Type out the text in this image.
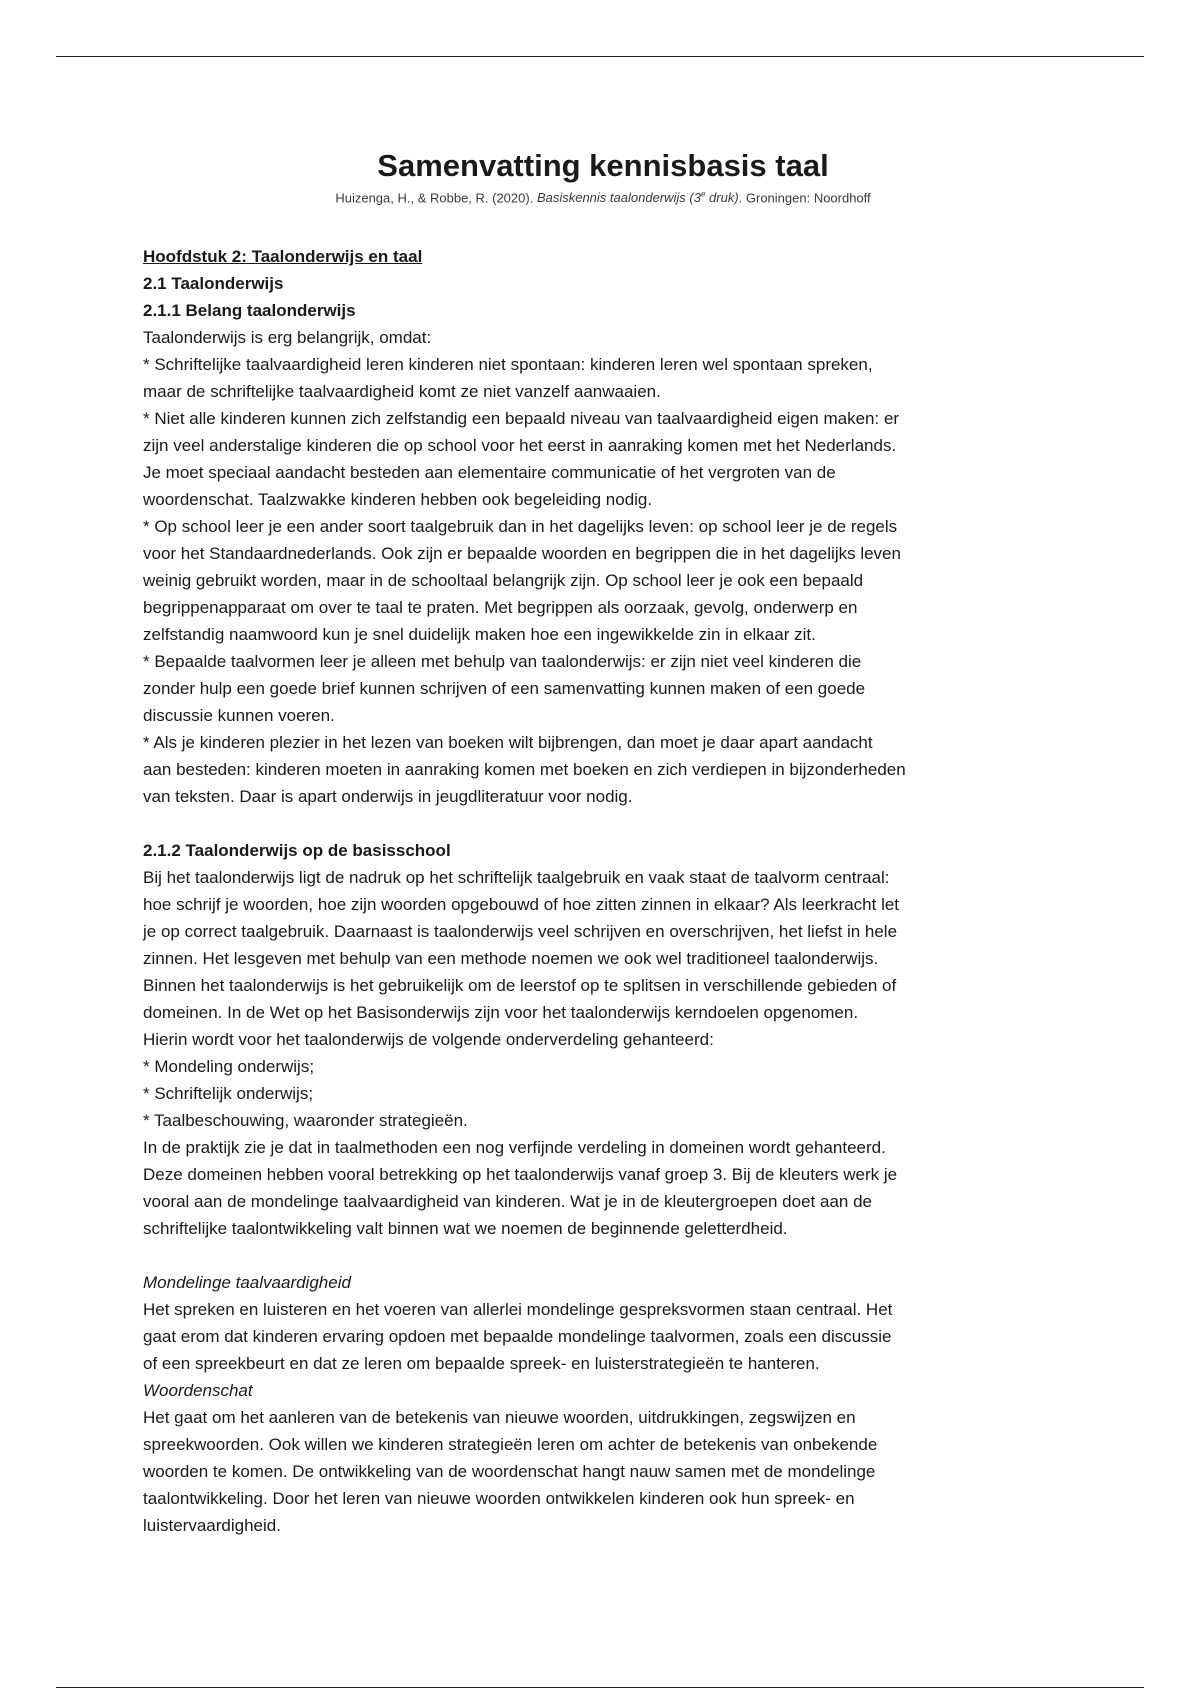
Samenvatting kennisbasis taal

Huizenga, H., & Robbe, R. (2020). Basiskennis taalonderwijs (3e druk). Groningen: Noordhoff

Hoofdstuk 2: Taalonderwijs en taal

2.1 Taalonderwijs

2.1.1 Belang taalonderwijs

Taalonderwijs is erg belangrijk, omdat:

* Schriftelijke taalvaardigheid leren kinderen niet spontaan: kinderen leren wel spontaan spreken,

maar de schriftelijke taalvaardigheid komt ze niet vanzelf aanwaaien.

* Niet alle kinderen kunnen zich zelfstandig een bepaald niveau van taalvaardigheid eigen maken: er

zijn veel anderstalige kinderen die op school voor het eerst in aanraking komen met het Nederlands.

Je moet speciaal aandacht besteden aan elementaire communicatie of het vergroten van de

woordenschat. Taalzwakke kinderen hebben ook begeleiding nodig.

* Op school leer je een ander soort taalgebruik dan in het dagelijks leven: op school leer je de regels

voor het Standaardnederlands. Ook zijn er bepaalde woorden en begrippen die in het dagelijks leven

weinig gebruikt worden, maar in de schooltaal belangrijk zijn. Op school leer je ook een bepaald

begrippenapparaat om over te taal te praten. Met begrippen als oorzaak, gevolg, onderwerp en

zelfstandig naamwoord kun je snel duidelijk maken hoe een ingewikkelde zin in elkaar zit.

* Bepaalde taalvormen leer je alleen met behulp van taalonderwijs: er zijn niet veel kinderen die

zonder hulp een goede brief kunnen schrijven of een samenvatting kunnen maken of een goede

discussie kunnen voeren.

* Als je kinderen plezier in het lezen van boeken wilt bijbrengen, dan moet je daar apart aandacht

aan besteden: kinderen moeten in aanraking komen met boeken en zich verdiepen in bijzonderheden

van teksten. Daar is apart onderwijs in jeugdliteratuur voor nodig.

2.1.2 Taalonderwijs op de basisschool

Bij het taalonderwijs ligt de nadruk op het schriftelijk taalgebruik en vaak staat de taalvorm centraal:

hoe schrijf je woorden, hoe zijn woorden opgebouwd of hoe zitten zinnen in elkaar? Als leerkracht let

je op correct taalgebruik. Daarnaast is taalonderwijs veel schrijven en overschrijven, het liefst in hele

zinnen. Het lesgeven met behulp van een methode noemen we ook wel traditioneel taalonderwijs.

Binnen het taalonderwijs is het gebruikelijk om de leerstof op te splitsen in verschillende gebieden of

domeinen. In de Wet op het Basisonderwijs zijn voor het taalonderwijs kerndoelen opgenomen.

Hierin wordt voor het taalonderwijs de volgende onderverdeling gehanteerd:

* Mondeling onderwijs;

* Schriftelijk onderwijs;

* Taalbeschouwing, waaronder strategieën.

In de praktijk zie je dat in taalmethoden een nog verfijnde verdeling in domeinen wordt gehanteerd.

Deze domeinen hebben vooral betrekking op het taalonderwijs vanaf groep 3. Bij de kleuters werk je

vooral aan de mondelinge taalvaardigheid van kinderen. Wat je in de kleutergroepen doet aan de

schriftelijke taalontwikkeling valt binnen wat we noemen de beginnende geletterdheid.

Mondelinge taalvaardigheid

Het spreken en luisteren en het voeren van allerlei mondelinge gespreksvormen staan centraal. Het

gaat erom dat kinderen ervaring opdoen met bepaalde mondelinge taalvormen, zoals een discussie

of een spreekbeurt en dat ze leren om bepaalde spreek- en luisterstrategieën te hanteren.

Woordenschat

Het gaat om het aanleren van de betekenis van nieuwe woorden, uitdrukkingen, zegswijzen en

spreekwoorden. Ook willen we kinderen strategieën leren om achter de betekenis van onbekende

woorden te komen. De ontwikkeling van de woordenschat hangt nauw samen met de mondelinge

taalontwikkeling. Door het leren van nieuwe woorden ontwikkelen kinderen ook hun spreek- en

luistervaardigheid.
